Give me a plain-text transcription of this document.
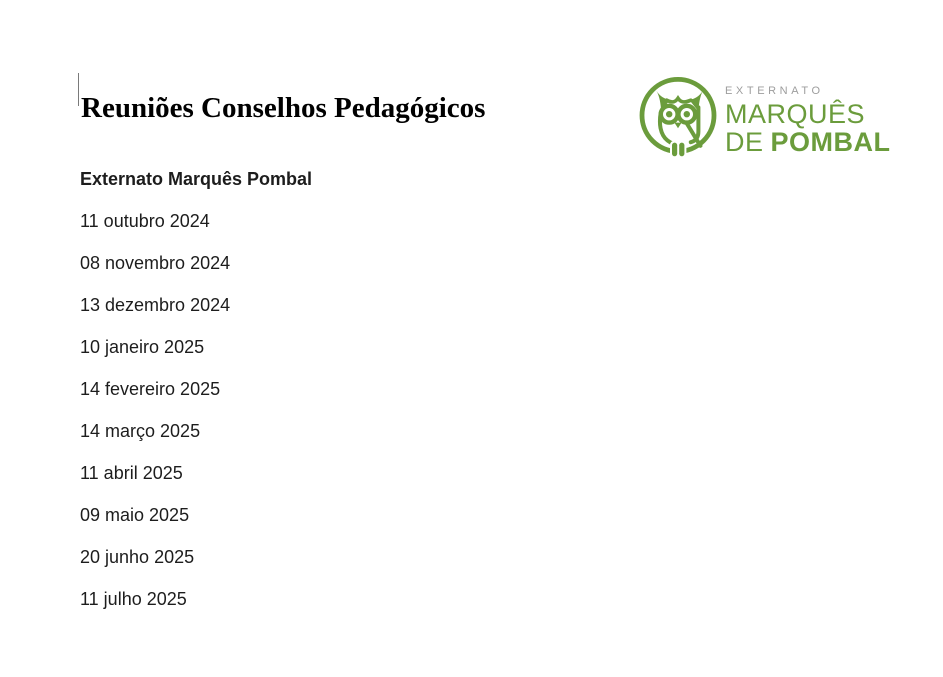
Reuniões Conselhos Pedagógicos
EXTERNATO
MARQUÊS
DE POMBAL
Externato Marquês Pombal
11 outubro 2024
08 novembro 2024
13 dezembro 2024
10 janeiro 2025
14 fevereiro 2025
14 março 2025
11 abril 2025
09 maio 2025
20 junho 2025
11 julho 2025
